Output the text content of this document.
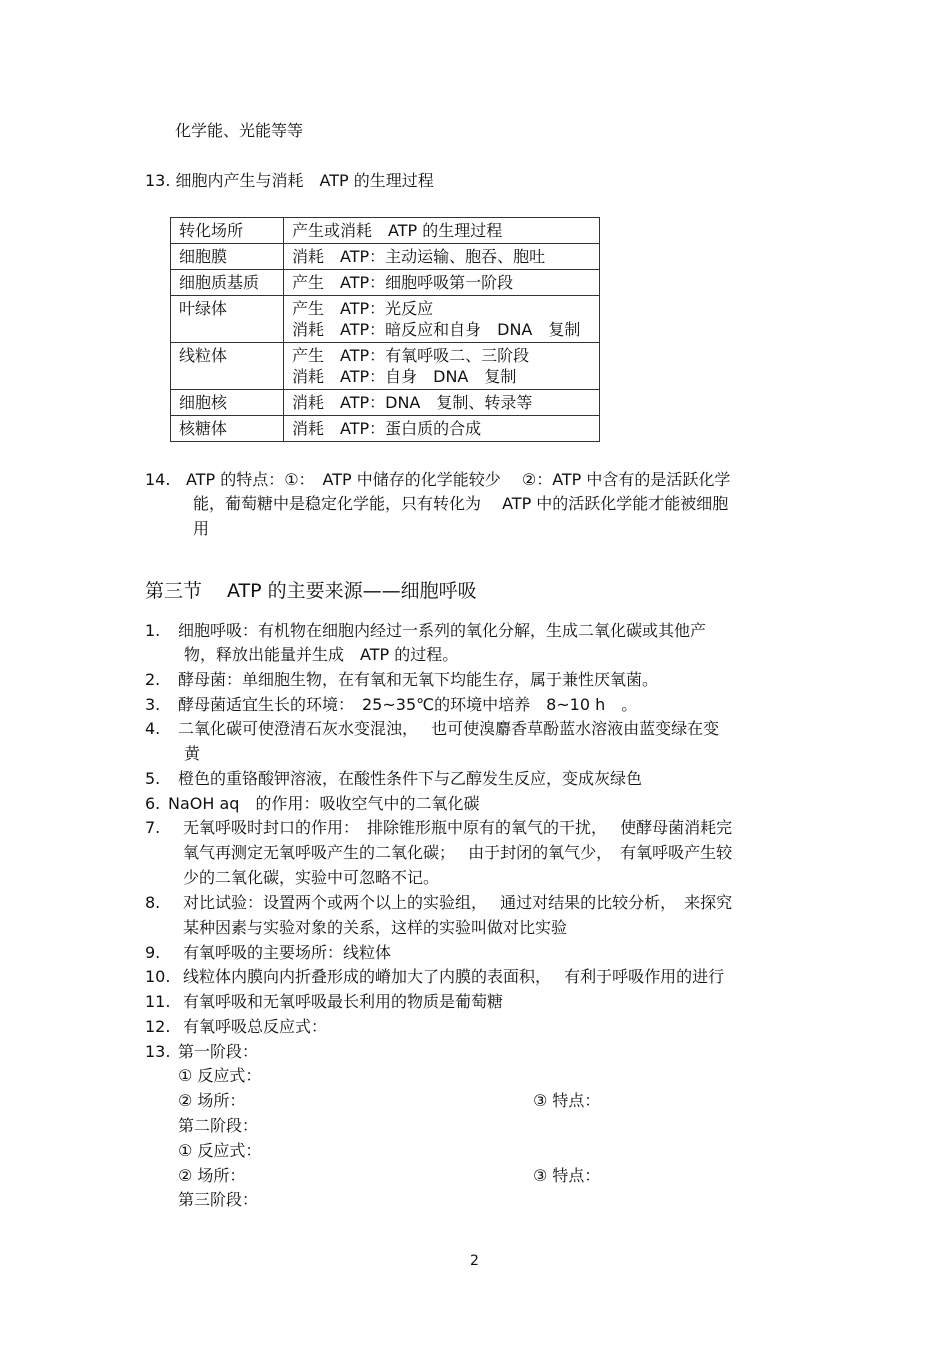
化学能、光能等等
13. 细胞内产生与消耗　ATP 的生理过程
转化场所	产生或消耗　ATP 的生理过程
细胞膜	消耗　ATP：主动运输、胞吞、胞吐

细胞质基质	产生　ATP：细胞呼吸第一阶段

叶绿体	产生　ATP：光反应
消耗　ATP：暗反应和自身　DNA　复制

线粒体	产生　ATP：有氧呼吸二、三阶段
消耗　ATP：自身　DNA　复制

细胞核	消耗　ATP：DNA　复制、转录等

核糖体	消耗　ATP：蛋白质的合成
14. ATP 的特点：①：　ATP 中储存的化学能较少　 ②：ATP 中含有的是活跃化学
能，葡萄糖中是稳定化学能，只有转化为　 ATP 中的活跃化学能才能被细胞
用
第三节　 ATP 的主要来源——细胞呼吸
1. 细胞呼吸：有机物在细胞内经过一系列的氧化分解，生成二氧化碳或其他产
物，释放出能量并生成　ATP 的过程。
2. 酵母菌：单细胞生物，在有氧和无氧下均能生存，属于兼性厌氧菌。
3. 酵母菌适宜生长的环境：　25~35℃的环境中培养　8~10 h　。
4. 二氧化碳可使澄清石灰水变混浊，　 也可使溴麝香草酚蓝水溶液由蓝变绿在变
黄
5. 橙色的重铬酸钾溶液，在酸性条件下与乙醇发生反应，变成灰绿色
6. NaOH aq　的作用：吸收空气中的二氧化碳
7. 无氧呼吸时封口的作用：　排除锥形瓶中原有的氧气的干扰，　 使酵母菌消耗完
氧气再测定无氧呼吸产生的二氧化碳；　 由于封闭的氧气少，　有氧呼吸产生较
少的二氧化碳，实验中可忽略不记。
8. 对比试验：设置两个或两个以上的实验组，　 通过对结果的比较分析，　来探究
某种因素与实验对象的关系，这样的实验叫做对比实验
9. 有氧呼吸的主要场所：线粒体
10. 线粒体内膜向内折叠形成的嵴加大了内膜的表面积，　 有利于呼吸作用的进行
11. 有氧呼吸和无氧呼吸最长利用的物质是葡萄糖
12. 有氧呼吸总反应式：
13. 第一阶段：
① 反应式：
② 场所：	③ 特点：
第二阶段：
① 反应式：
② 场所：	③ 特点：
第三阶段：
2
